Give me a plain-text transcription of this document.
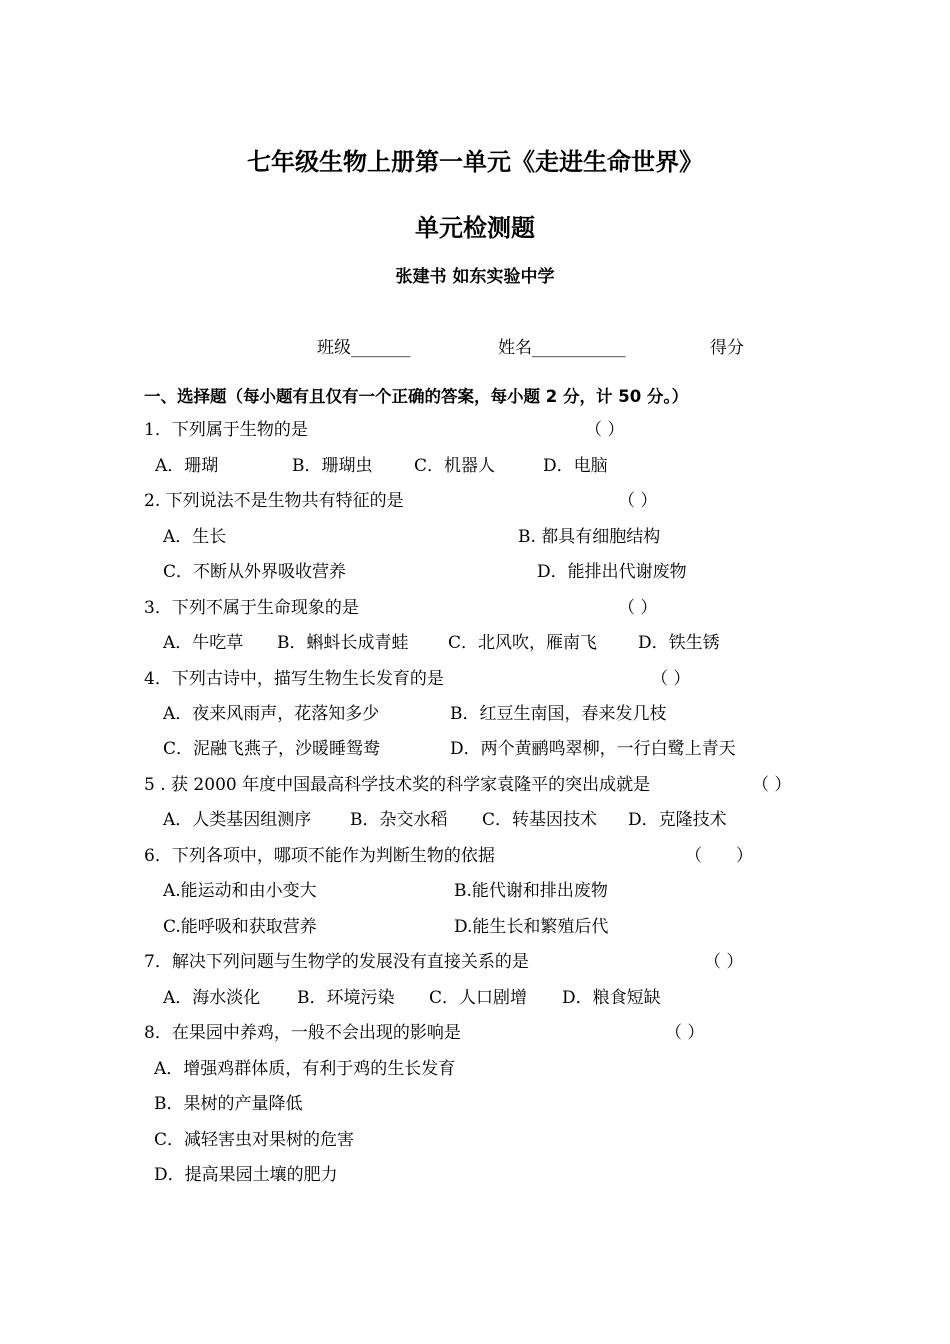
七年级生物上册第一单元《走进生命世界》
单元检测题
张建书 如东实验中学
班级_______	姓名___________	得分
一、选择题（每小题有且仅有一个正确的答案，每小题 2 分，计 50 分。）
1．下列属于生物的是	（ ）
A．珊瑚	B．珊瑚虫 C．机器人	D．电脑
2. 下列说法不是生物共有特征的是	（ ）
A．生长	B. 都具有细胞结构
C．不断从外界吸收营养	D．能排出代谢废物
3．下列不属于生命现象的是	（ ）
A．牛吃草 B．蝌蚪长成青蛙 C．北风吹，雁南飞 D．铁生锈
4．下列古诗中，描写生物生长发育的是	（ ）
A．夜来风雨声，花落知多少	B．红豆生南国，春来发几枝
C．泥融飞燕子，沙暖睡鸳鸯	D．两个黄鹂鸣翠柳，一行白鹭上青天
5 . 获 2000 年度中国最高科学技术奖的科学家袁隆平的突出成就是	（ ）
A．人类基因组测序 B．杂交水稻 C．转基因技术 D．克隆技术
6．下列各项中，哪项不能作为判断生物的依据	（　　）
A.能运动和由小变大	B.能代谢和排出废物
C.能呼吸和获取营养	D.能生长和繁殖后代
7．解决下列问题与生物学的发展没有直接关系的是	（ ）
A．海水淡化 B．环境污染 C．人口剧增 D．粮食短缺
8．在果园中养鸡，一般不会出现的影响是	（ ）
A．增强鸡群体质，有利于鸡的生长发育
B．果树的产量降低
C．减轻害虫对果树的危害
D．提高果园土壤的肥力
